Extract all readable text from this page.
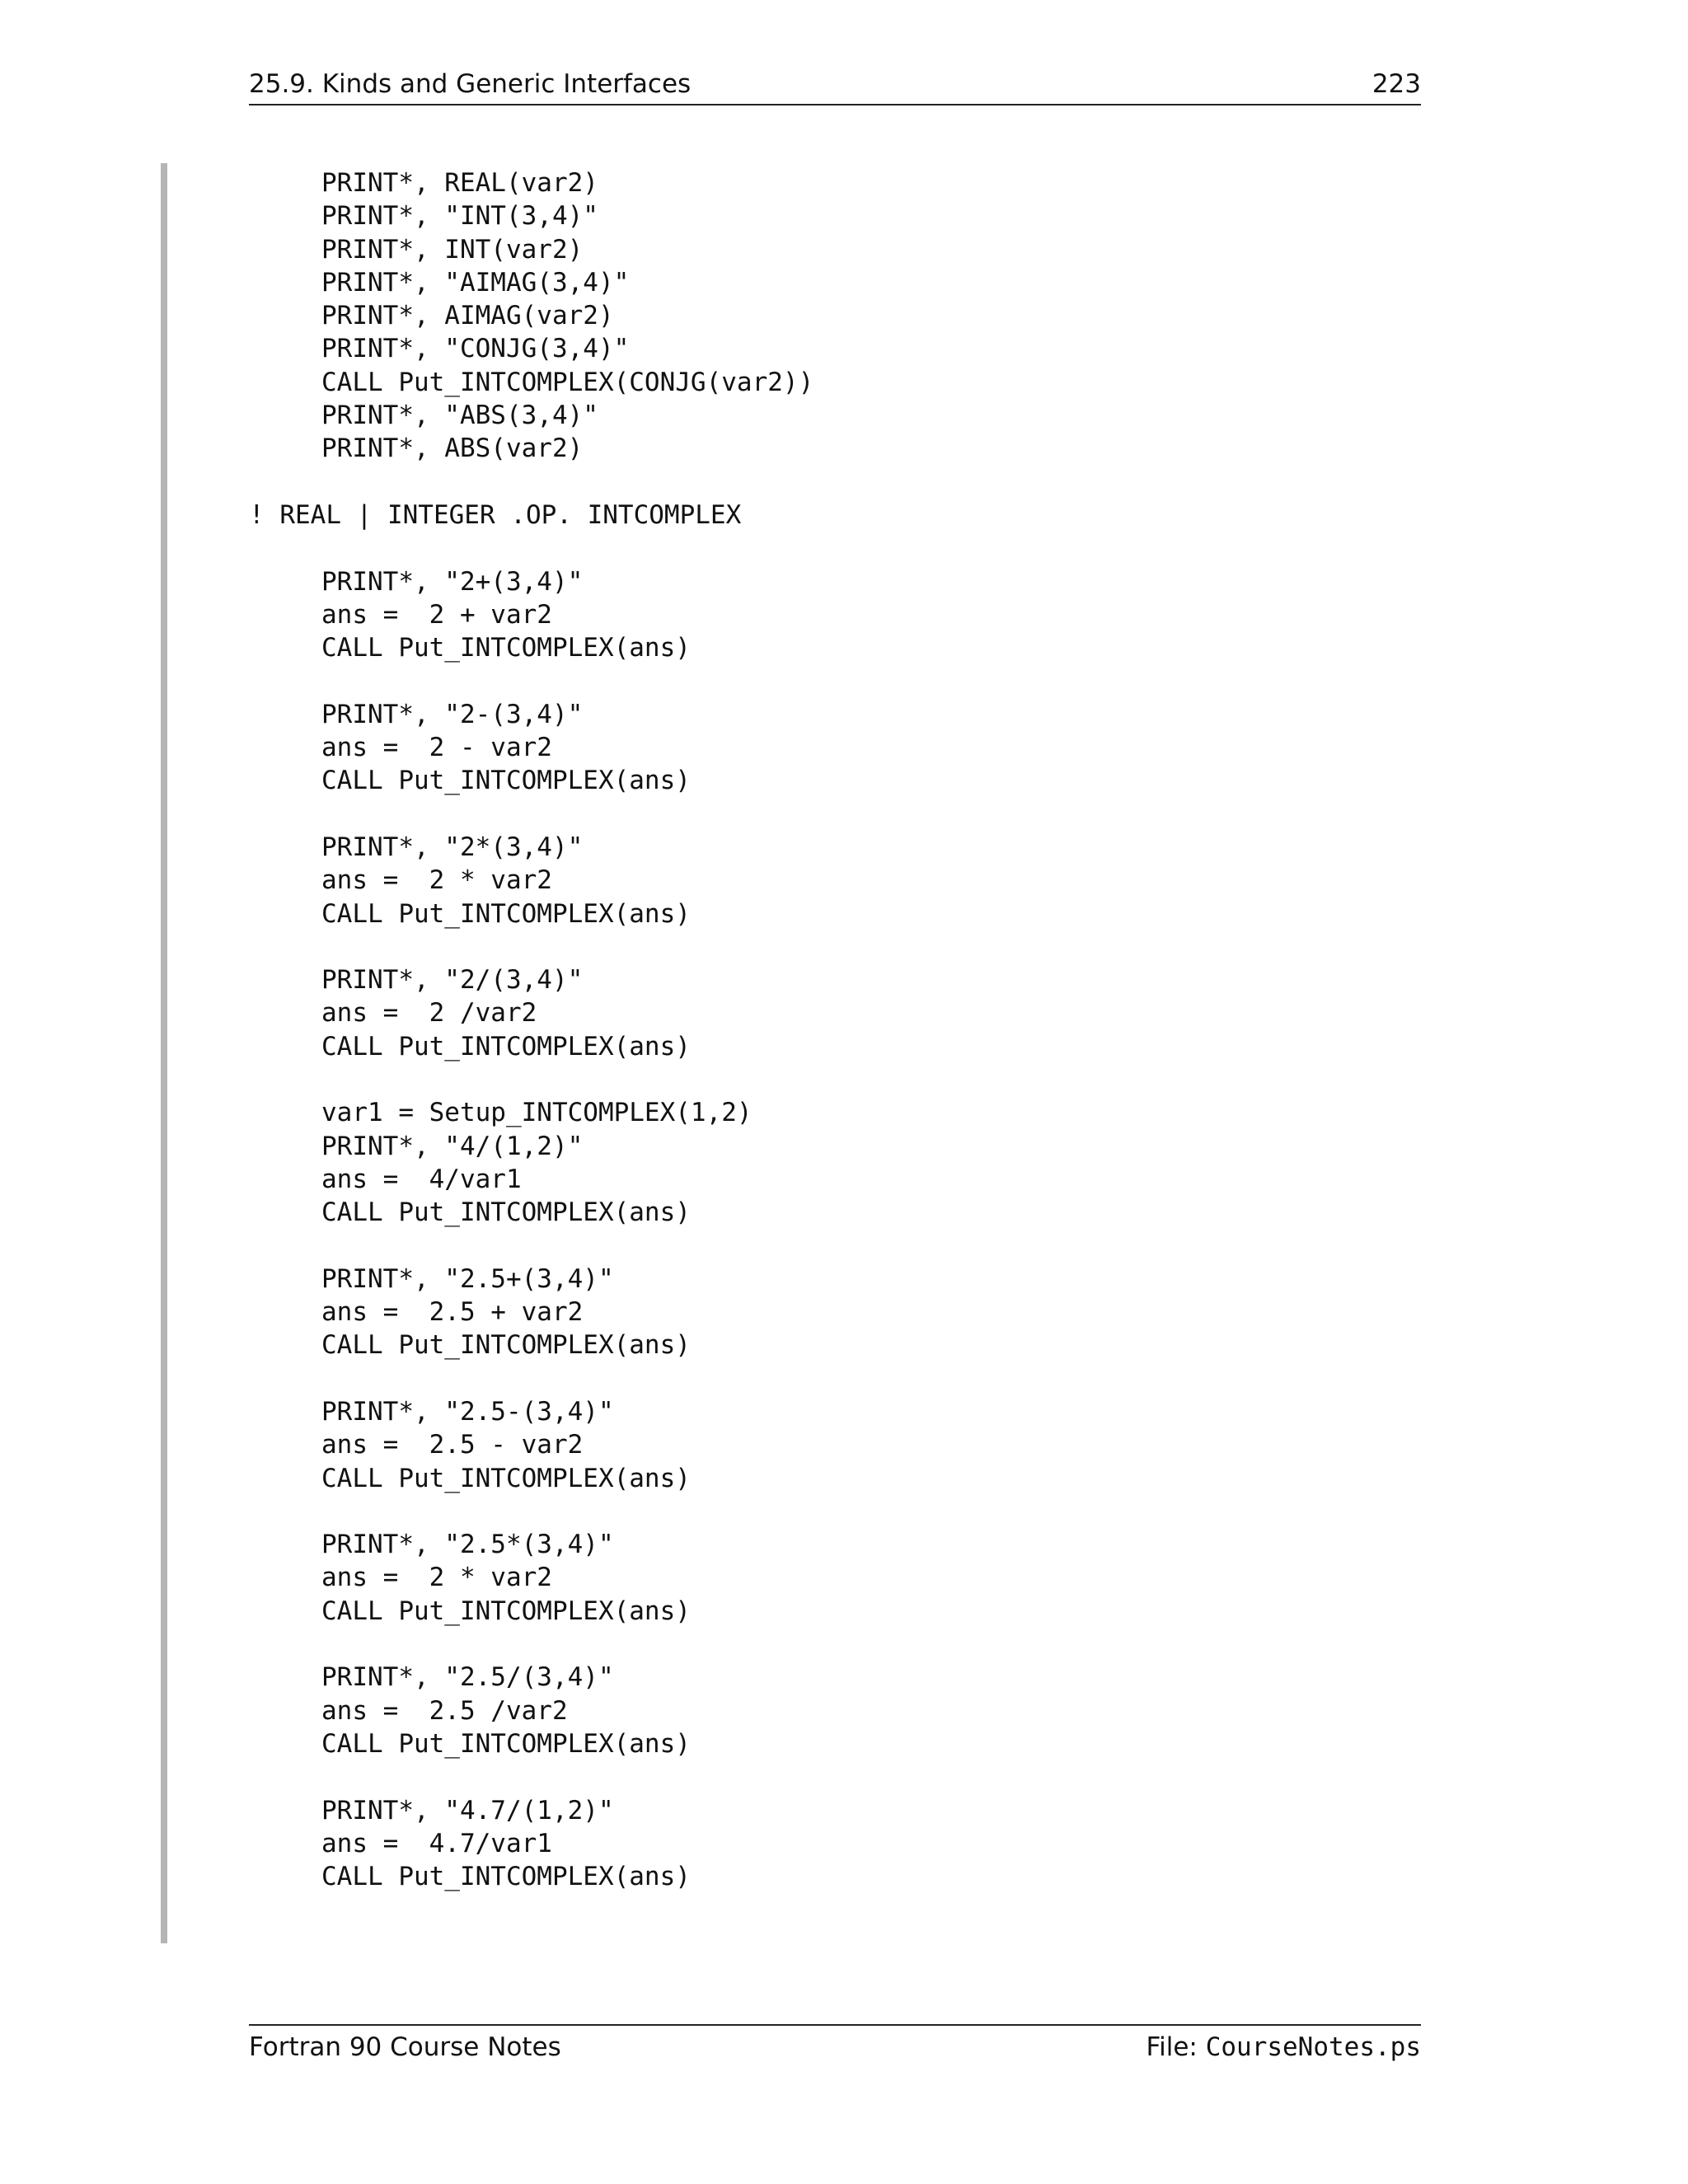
25.9. Kinds and Generic Interfaces	223
PRINT*, REAL(var2)
PRINT*, "INT(3,4)"
PRINT*, INT(var2)
PRINT*, "AIMAG(3,4)"
PRINT*, AIMAG(var2)
PRINT*, "CONJG(3,4)"
CALL Put_INTCOMPLEX(CONJG(var2))
PRINT*, "ABS(3,4)"
PRINT*, ABS(var2)
! REAL | INTEGER .OP. INTCOMPLEX
PRINT*, "2+(3,4)"
ans =  2 + var2
CALL Put_INTCOMPLEX(ans)
PRINT*, "2-(3,4)"
ans =  2 - var2
CALL Put_INTCOMPLEX(ans)
PRINT*, "2*(3,4)"
ans =  2 * var2
CALL Put_INTCOMPLEX(ans)
PRINT*, "2/(3,4)"
ans =  2 /var2
CALL Put_INTCOMPLEX(ans)
var1 = Setup_INTCOMPLEX(1,2)
PRINT*, "4/(1,2)"
ans =  4/var1
CALL Put_INTCOMPLEX(ans)
PRINT*, "2.5+(3,4)"
ans =  2.5 + var2
CALL Put_INTCOMPLEX(ans)
PRINT*, "2.5-(3,4)"
ans =  2.5 - var2
CALL Put_INTCOMPLEX(ans)
PRINT*, "2.5*(3,4)"
ans =  2 * var2
CALL Put_INTCOMPLEX(ans)
PRINT*, "2.5/(3,4)"
ans =  2.5 /var2
CALL Put_INTCOMPLEX(ans)
PRINT*, "4.7/(1,2)"
ans =  4.7/var1
CALL Put_INTCOMPLEX(ans)
Fortran 90 Course Notes	File: CourseNotes.ps
